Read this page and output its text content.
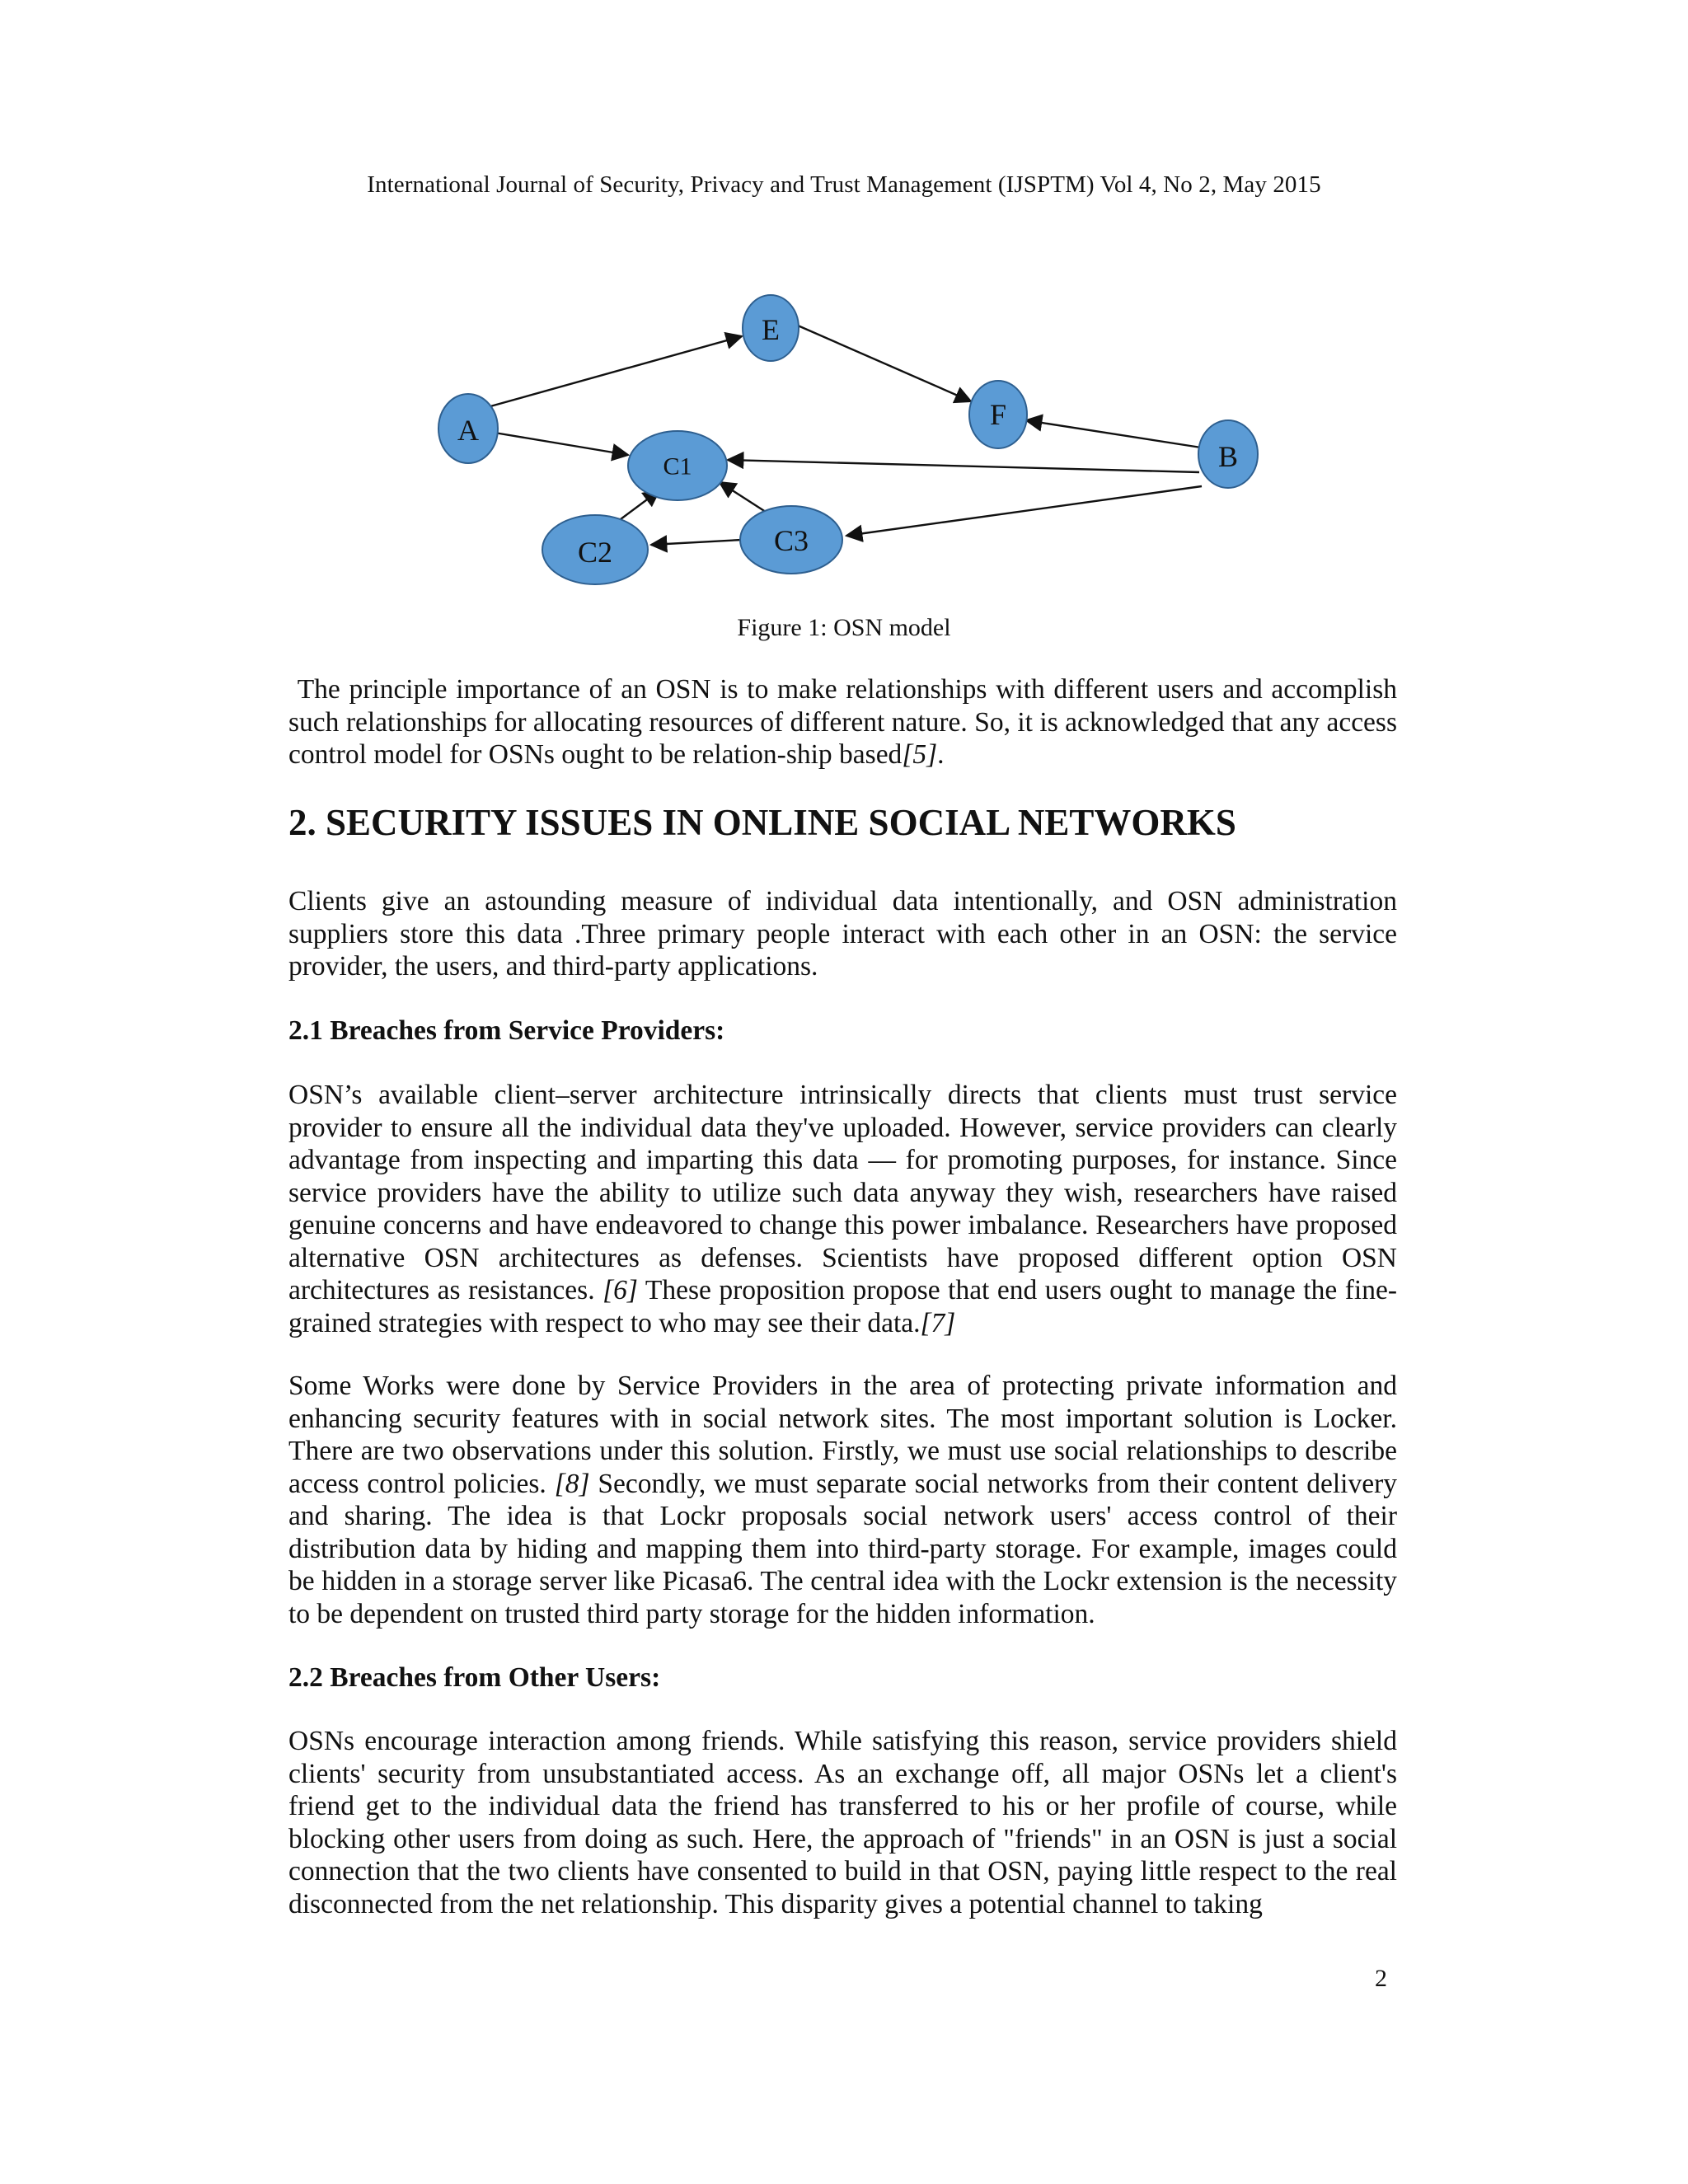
International Journal of Security, Privacy and Trust Management (IJSPTM) Vol 4, No 2, May 2015
E
A	F
B
C1
C2	C3
Figure 1: OSN model

The principle importance of an OSN is to make relationships with different users and accomplish such relationships for allocating resources of different nature. So, it is acknowledged that any access control model for OSNs ought to be relation-ship based[5].

2. SECURITY ISSUES IN ONLINE SOCIAL NETWORKS

Clients give an astounding measure of individual data intentionally, and OSN administration suppliers store this data .Three primary people interact with each other in an OSN: the service provider, the users, and third-party applications.

2.1 Breaches from Service Providers:

OSN’s available client–server architecture intrinsically directs that clients must trust service provider to ensure all the individual data they've uploaded. However, service providers can clearly advantage from inspecting and imparting this data — for promoting purposes, for instance. Since service providers have the ability to utilize such data anyway they wish, researchers have raised genuine concerns and have endeavored to change this power imbalance. Researchers have proposed alternative OSN architectures as defenses. Scientists have proposed different option OSN architectures as resistances. [6] These proposition propose that end users ought to manage the fine-grained strategies with respect to who may see their data.[7]

Some Works were done by Service Providers in the area of protecting private information and enhancing security features with in social network sites. The most important solution is Locker. There are two observations under this solution. Firstly, we must use social relationships to describe access control policies. [8] Secondly, we must separate social networks from their content delivery and sharing. The idea is that Lockr proposals social network users' access control of their distribution data by hiding and mapping them into third-party storage. For example, images could be hidden in a storage server like Picasa6. The central idea with the Lockr extension is the necessity to be dependent on trusted third party storage for the hidden information.

2.2 Breaches from Other Users:

OSNs encourage interaction among friends. While satisfying this reason, service providers shield clients' security from unsubstantiated access. As an exchange off, all major OSNs let a client's friend get to the individual data the friend has transferred to his or her profile of course, while blocking other users from doing as such. Here, the approach of "friends" in an OSN is just a social connection that the two clients have consented to build in that OSN, paying little respect to the real disconnected from the net relationship. This disparity gives a potential channel to taking

2
